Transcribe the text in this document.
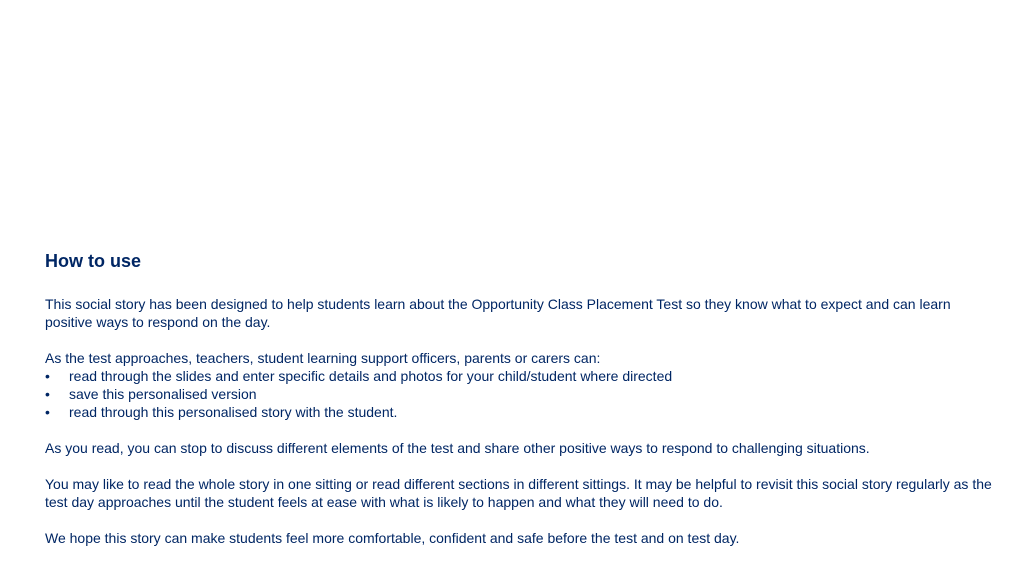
How to use

This social story has been designed to help students learn about the Opportunity Class Placement Test so they know what to expect and can learn positive ways to respond on the day.

As the test approaches, teachers, student learning support officers, parents or carers can:

• read through the slides and enter specific details and photos for your child/student where directed
• save this personalised version
• read through this personalised story with the student.

As you read, you can stop to discuss different elements of the test and share other positive ways to respond to challenging situations.

You may like to read the whole story in one sitting or read different sections in different sittings. It may be helpful to revisit this social story regularly as the test day approaches until the student feels at ease with what is likely to happen and what they will need to do.

We hope this story can make students feel more comfortable, confident and safe before the test and on test day.
